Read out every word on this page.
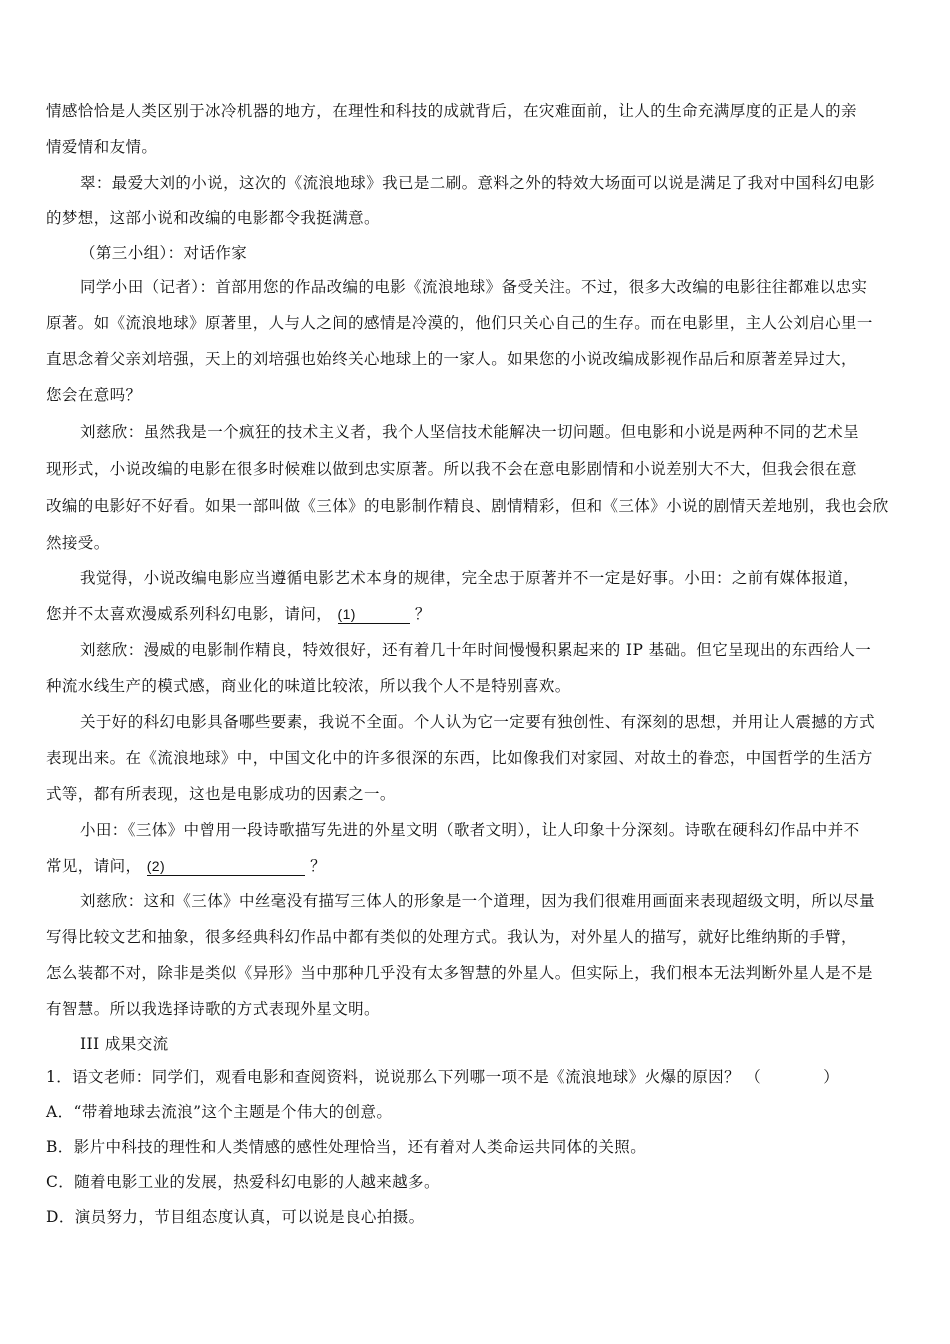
情感恰恰是人类区别于冰冷机器的地方，在理性和科技的成就背后，在灾难面前，让人的生命充满厚度的正是人的亲
情爱情和友情。
翠：最爱大刘的小说，这次的《流浪地球》我已是二刷。意料之外的特效大场面可以说是满足了我对中国科幻电影
的梦想，这部小说和改编的电影都令我挺满意。
（第三小组）：对话作家
同学小田（记者）：首部用您的作品改编的电影《流浪地球》备受关注。不过，很多大改编的电影往往都难以忠实
原著。如《流浪地球》原著里，人与人之间的感情是冷漠的，他们只关心自己的生存。而在电影里，主人公刘启心里一
直思念着父亲刘培强，天上的刘培强也始终关心地球上的一家人。如果您的小说改编成影视作品后和原著差异过大，
您会在意吗？
刘慈欣：虽然我是一个疯狂的技术主义者，我个人坚信技术能解决一切问题。但电影和小说是两种不同的艺术呈
现形式，小说改编的电影在很多时候难以做到忠实原著。所以我不会在意电影剧情和小说差别大不大，但我会很在意
改编的电影好不好看。如果一部叫做《三体》的电影制作精良、剧情精彩，但和《三体》小说的剧情天差地别，我也会欣
然接受。
我觉得，小说改编电影应当遵循电影艺术本身的规律，完全忠于原著并不一定是好事。小田：之前有媒体报道，
您并不太喜欢漫威系列科幻电影，请问， (1)	？
刘慈欣：漫威的电影制作精良，特效很好，还有着几十年时间慢慢积累起来的 IP 基础。但它呈现出的东西给人一
种流水线生产的模式感，商业化的味道比较浓，所以我个人不是特别喜欢。
关于好的科幻电影具备哪些要素，我说不全面。个人认为它一定要有独创性、有深刻的思想，并用让人震撼的方式
表现出来。在《流浪地球》中，中国文化中的许多很深的东西，比如像我们对家园、对故土的眷恋，中国哲学的生活方
式等，都有所表现，这也是电影成功的因素之一。
小田：《三体》中曾用一段诗歌描写先进的外星文明（歌者文明），让人印象十分深刻。诗歌在硬科幻作品中并不
常见，请问， (2)	？
刘慈欣：这和《三体》中丝毫没有描写三体人的形象是一个道理，因为我们很难用画面来表现超级文明，所以尽量
写得比较文艺和抽象，很多经典科幻作品中都有类似的处理方式。我认为，对外星人的描写，就好比维纳斯的手臂，
怎么装都不对，除非是类似《异形》当中那种几乎没有太多智慧的外星人。但实际上，我们根本无法判断外星人是不是
有智慧。所以我选择诗歌的方式表现外星文明。
III 成果交流
1．语文老师：同学们，观看电影和查阅资料，说说那么下列哪一项不是《流浪地球》火爆的原因？ （	）
A．“带着地球去流浪”这个主题是个伟大的创意。
B．影片中科技的理性和人类情感的感性处理恰当，还有着对人类命运共同体的关照。
C．随着电影工业的发展，热爱科幻电影的人越来越多。
D．演员努力，节目组态度认真，可以说是良心拍摄。
